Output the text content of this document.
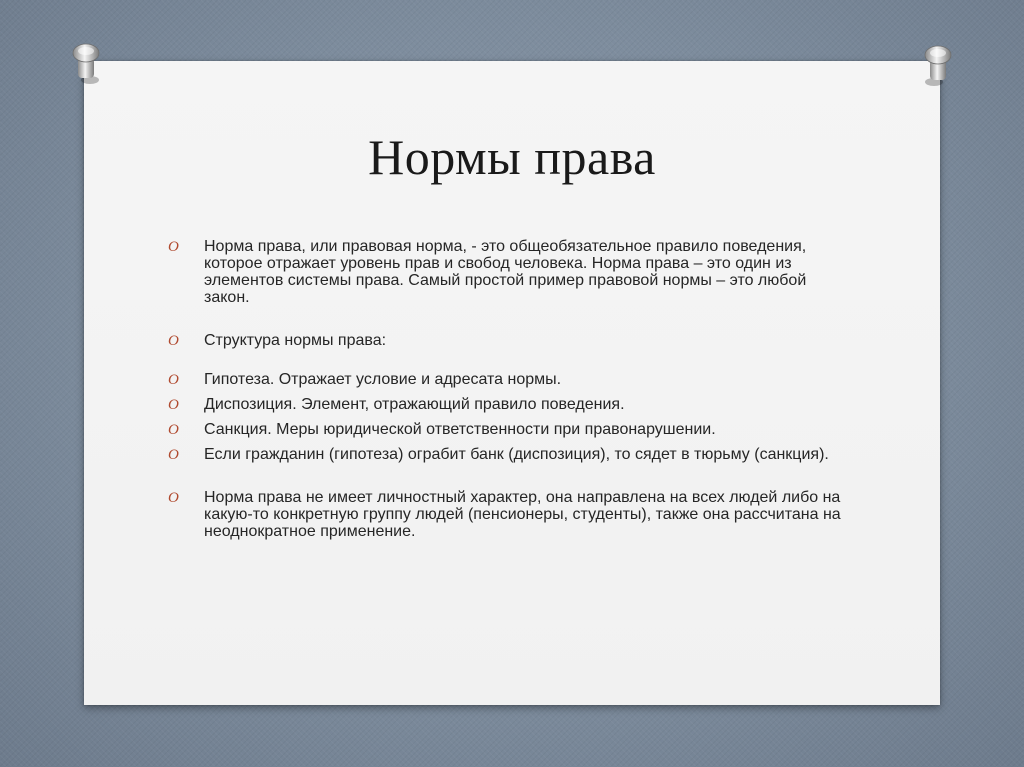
Нормы права
O Норма права, или правовая норма, - это общеобязательное правило поведения, которое отражает уровень прав и свобод человека. Норма права – это один из элементов системы права. Самый простой пример правовой нормы – это любой закон.
O Структура нормы права:
O Гипотеза. Отражает условие и адресата нормы.
O Диспозиция. Элемент, отражающий правило поведения.
O Санкция. Меры юридической ответственности при правонарушении.
O Если гражданин (гипотеза) ограбит банк (диспозиция), то сядет в тюрьму (санкция).
O Норма права не имеет личностный характер, она направлена на всех людей либо на какую-то конкретную группу людей (пенсионеры, студенты), также она рассчитана на неоднократное применение.
